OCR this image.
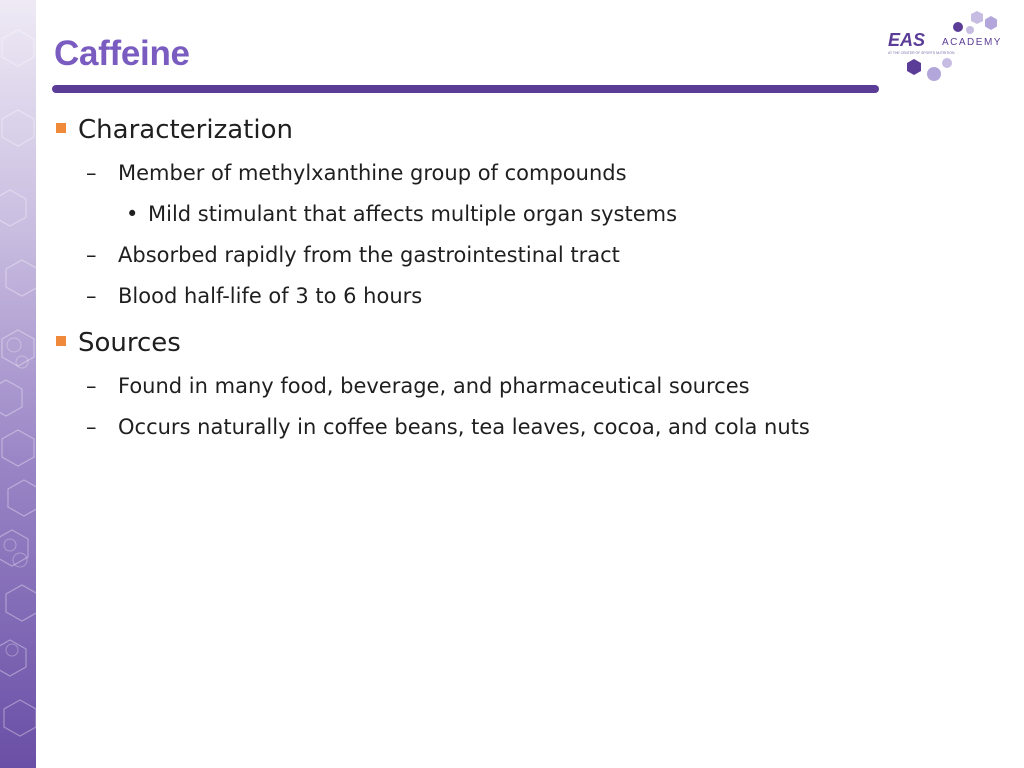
Caffeine	EAS ACADEMY
AT THE CENTER OF SPORTS NUTRITION
Characterization
– Member of methylxanthine group of compounds
• Mild stimulant that affects multiple organ systems
– Absorbed rapidly from the gastrointestinal tract
– Blood half-life of 3 to 6 hours
Sources
– Found in many food, beverage, and pharmaceutical sources
– Occurs naturally in coffee beans, tea leaves, cocoa, and cola nuts
